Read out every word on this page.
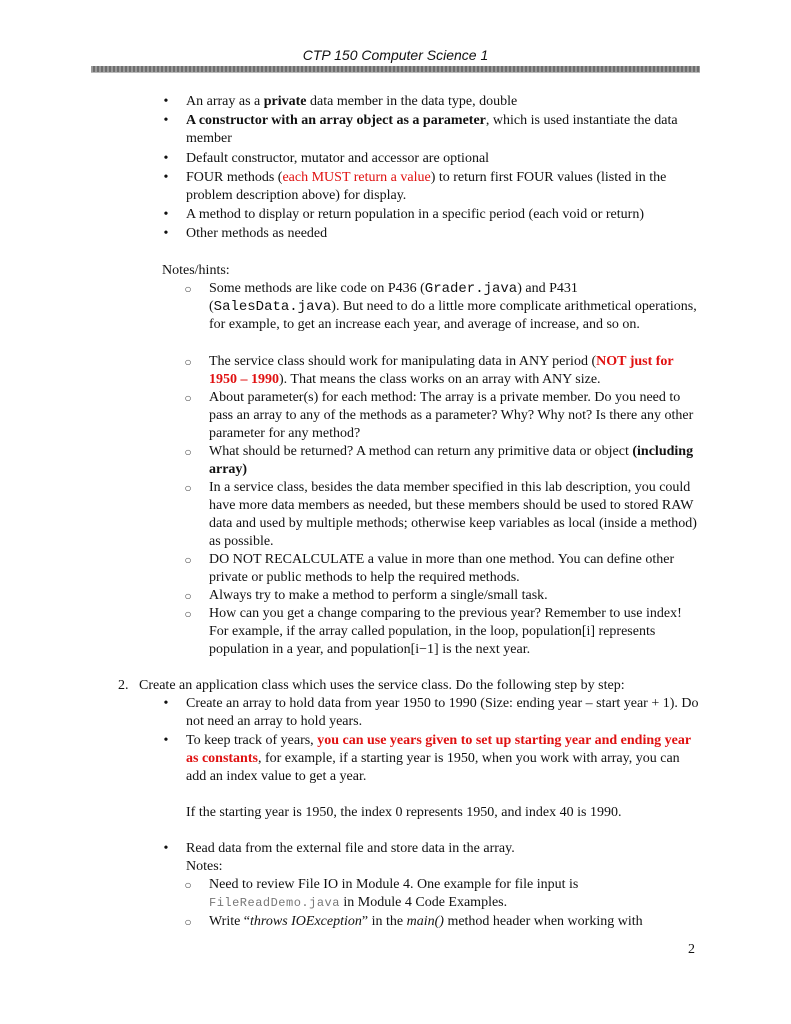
CTP 150 Computer Science 1
• An array as a private data member in the data type, double
• A constructor with an array object as a parameter, which is used instantiate the data member
• Default constructor, mutator and accessor are optional
• FOUR methods (each MUST return a value) to return first FOUR values (listed in the problem description above) for display.
• A method to display or return population in a specific period (each void or return)
• Other methods as needed
Notes/hints:
○ Some methods are like code on P436 (Grader.java) and P431 (SalesData.java). But need to do a little more complicate arithmetical operations, for example, to get an increase each year, and average of increase, and so on.
○ The service class should work for manipulating data in ANY period (NOT just for 1950 – 1990). That means the class works on an array with ANY size.
○ About parameter(s) for each method: The array is a private member. Do you need to pass an array to any of the methods as a parameter? Why? Why not? Is there any other parameter for any method?
○ What should be returned? A method can return any primitive data or object (including array)
○ In a service class, besides the data member specified in this lab description, you could have more data members as needed, but these members should be used to stored RAW data and used by multiple methods; otherwise keep variables as local (inside a method) as possible.
○ DO NOT RECALCULATE a value in more than one method. You can define other private or public methods to help the required methods.
○ Always try to make a method to perform a single/small task.
○ How can you get a change comparing to the previous year? Remember to use index! For example, if the array called population, in the loop, population[i] represents population in a year, and population[i−1] is the next year.
2. Create an application class which uses the service class. Do the following step by step:
• Create an array to hold data from year 1950 to 1990 (Size: ending year – start year + 1). Do not need an array to hold years.
• To keep track of years, you can use years given to set up starting year and ending year as constants, for example, if a starting year is 1950, when you work with array, you can add an index value to get a year.
If the starting year is 1950, the index 0 represents 1950, and index 40 is 1990.
• Read data from the external file and store data in the array.
Notes:
○ Need to review File IO in Module 4. One example for file input is FileReadDemo.java in Module 4 Code Examples.
○ Write “throws IOException” in the main() method header when working with
2
